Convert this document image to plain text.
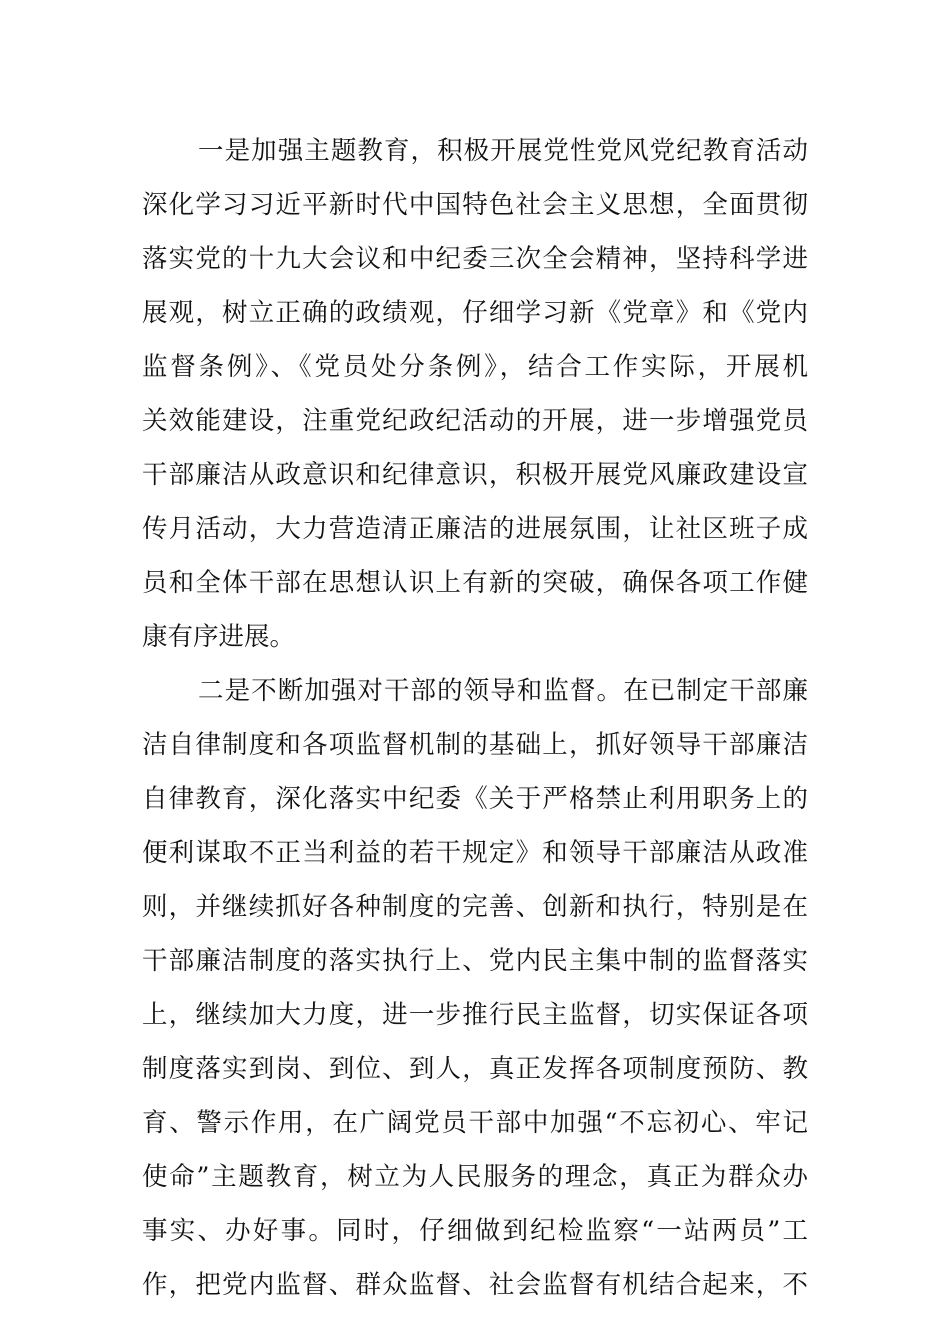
一是加强主题教育，积极开展党性党风党纪教育活动
深化学习习近平新时代中国特色社会主义思想，全面贯彻
落实党的十九大会议和中纪委三次全会精神，坚持科学进
展观，树立正确的政绩观，仔细学习新《党章》和《党内
监督条例》、《党员处分条例》，结合工作实际，开展机
关效能建设，注重党纪政纪活动的开展，进一步增强党员
干部廉洁从政意识和纪律意识，积极开展党风廉政建设宣
传月活动，大力营造清正廉洁的进展氛围，让社区班子成
员和全体干部在思想认识上有新的突破，确保各项工作健
康有序进展。
二是不断加强对干部的领导和监督。在已制定干部廉
洁自律制度和各项监督机制的基础上，抓好领导干部廉洁
自律教育，深化落实中纪委《关于严格禁止利用职务上的
便利谋取不正当利益的若干规定》和领导干部廉洁从政准
则，并继续抓好各种制度的完善、创新和执行，特别是在
干部廉洁制度的落实执行上、党内民主集中制的监督落实
上，继续加大力度，进一步推行民主监督，切实保证各项
制度落实到岗、到位、到人，真正发挥各项制度预防、教
育、警示作用，在广阔党员干部中加强“不忘初心、牢记
使命”主题教育，树立为人民服务的理念，真正为群众办
事实、办好事。同时，仔细做到纪检监察“一站两员”工
作，把党内监督、群众监督、社会监督有机结合起来，不
